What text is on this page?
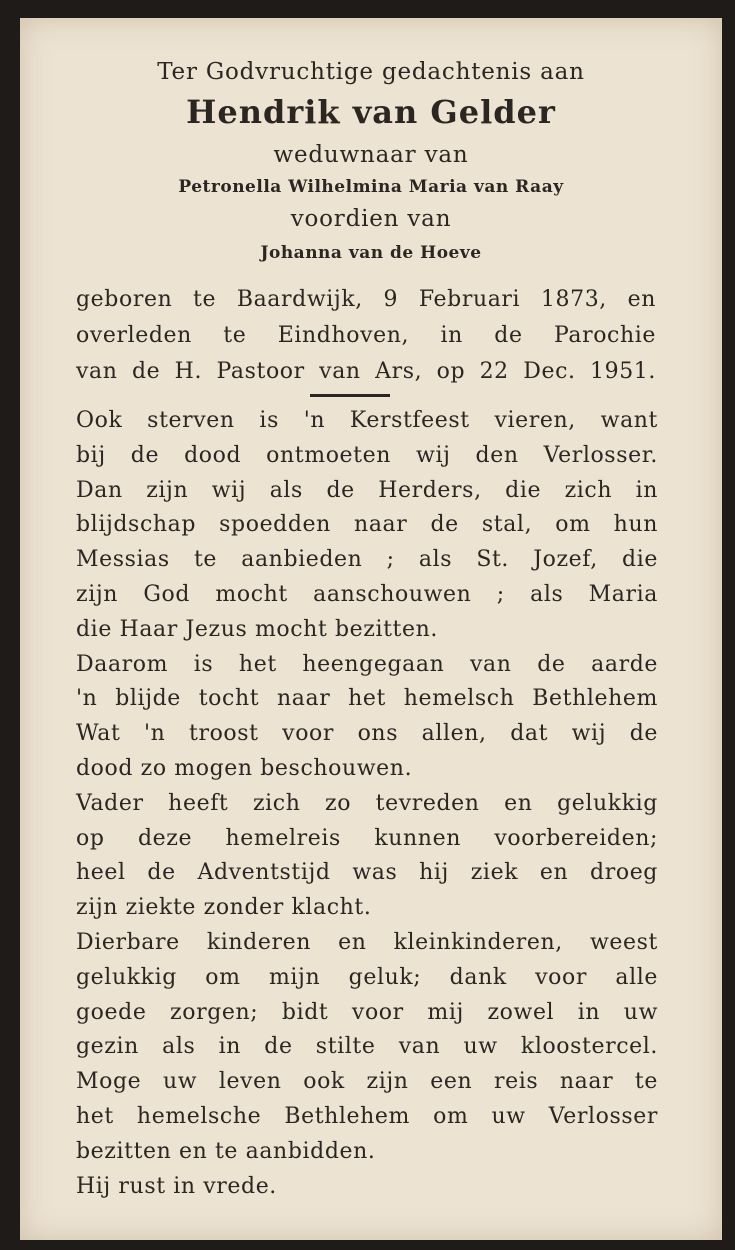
Ter Godvruchtige gedachtenis aan

Hendrik van Gelder

weduwnaar van

Petronella Wilhelmina Maria van Raay

voordien van

Johanna van de Hoeve

geboren te Baardwijk, 9 Februari 1873, en
overleden te Eindhoven, in de Parochie
van de H. Pastoor van Ars, op 22 Dec. 1951.
Ook sterven is 'n Kerstfeest vieren, want
bij de dood ontmoeten wij den Verlosser.
Dan zijn wij als de Herders, die zich in
blijdschap spoedden naar de stal, om hun
Messias te aanbieden ; als St. Jozef, die
zijn God mocht aanschouwen ; als Maria
die Haar Jezus mocht bezitten.
Daarom is het heengegaan van de aarde
'n blijde tocht naar het hemelsch Bethlehem
Wat 'n troost voor ons allen, dat wij de
dood zo mogen beschouwen.
Vader heeft zich zo tevreden en gelukkig
op deze hemelreis kunnen voorbereiden;
heel de Adventstijd was hij ziek en droeg
zijn ziekte zonder klacht.
Dierbare kinderen en kleinkinderen, weest
gelukkig om mijn geluk; dank voor alle
goede zorgen; bidt voor mij zowel in uw
gezin als in de stilte van uw kloostercel.
Moge uw leven ook zijn een reis naar te
het hemelsche Bethlehem om uw Verlosser
bezitten en te aanbidden.
Hij rust in vrede.
